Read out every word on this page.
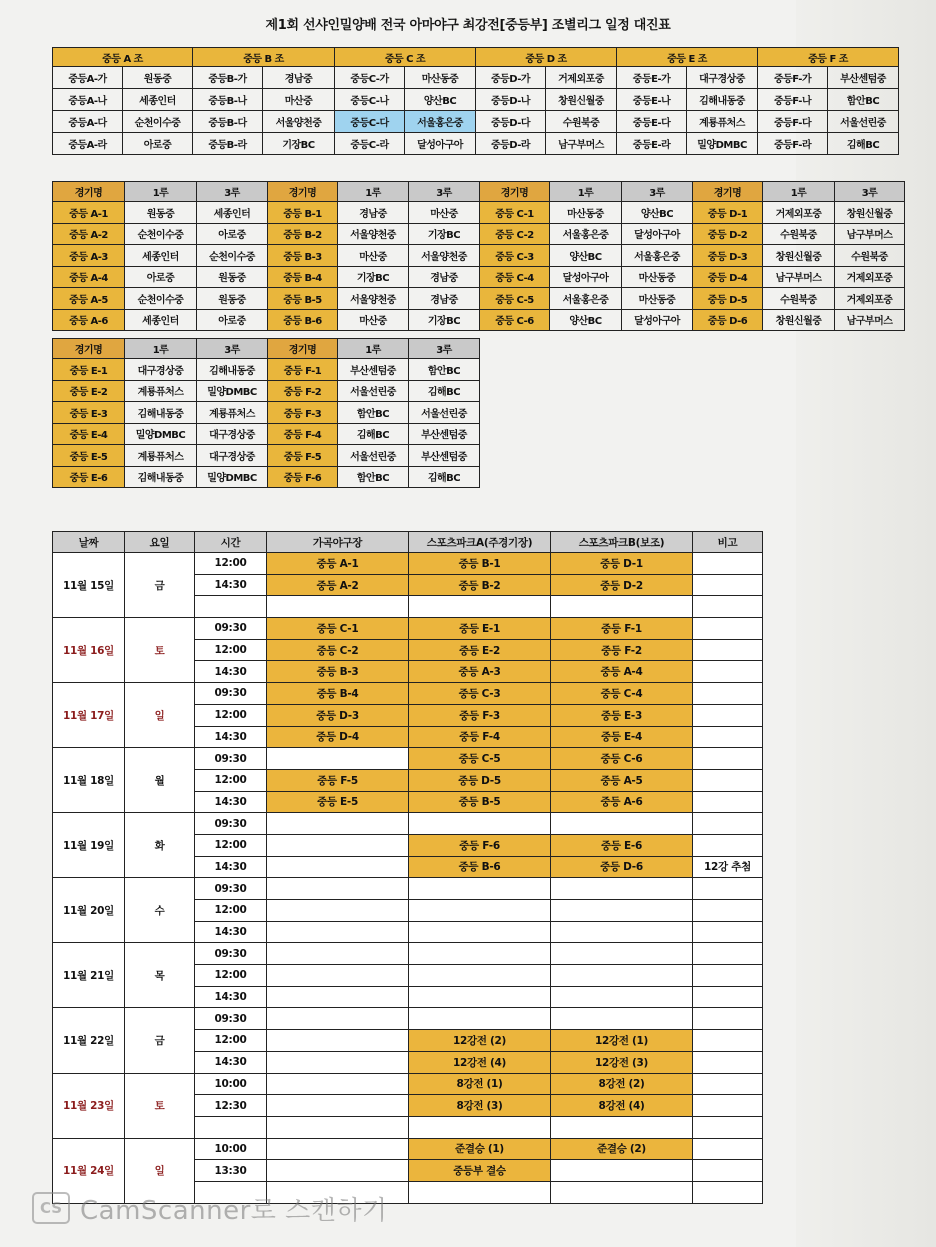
제1회 선샤인밀양배 전국 아마야구 최강전[중등부] 조별리그 일정 대진표
중등 A 조		중등 B 조		중등 C 조		중등 D 조		중등 E 조		중등 F 조	
중등A-가	원동중	중등B-가	경남중	중등C-가	마산동중	중등D-가	거제외포중	중등E-가	대구경상중	중등F-가	부산센텀중
중등A-나	세종인터	중등B-나	마산중	중등C-나	양산BC	중등D-나	창원신월중	중등E-나	김해내동중	중등F-나	함안BC
중등A-다	순천이수중	중등B-다	서울양천중	중등C-다	서울홍은중	중등D-다	수원북중	중등E-다	계룡퓨처스	중등F-다	서울선린중
중등A-라	아로중	중등B-라	기장BC	중등C-라	달성아구아	중등D-라	남구부머스	중등E-라	밀양DMBC	중등F-라	김해BC
경기명	1루	3루	경기명	1루	3루	경기명	1루	3루	경기명	1루	3루
중등 A-1	원동중	세종인터	중등 B-1	경남중	마산중	중등 C-1	마산동중	양산BC	중등 D-1	거제외포중	창원신월중
중등 A-2	순천이수중	아로중	중등 B-2	서울양천중	기장BC	중등 C-2	서울홍은중	달성아구아	중등 D-2	수원북중	남구부머스
중등 A-3	세종인터	순천이수중	중등 B-3	마산중	서울양천중	중등 C-3	양산BC	서울홍은중	중등 D-3	창원신월중	수원북중
중등 A-4	아로중	원동중	중등 B-4	기장BC	경남중	중등 C-4	달성아구아	마산동중	중등 D-4	남구부머스	거제외포중
중등 A-5	순천이수중	원동중	중등 B-5	서울양천중	경남중	중등 C-5	서울홍은중	마산동중	중등 D-5	수원북중	거제외포중
중등 A-6	세종인터	아로중	중등 B-6	마산중	기장BC	중등 C-6	양산BC	달성아구아	중등 D-6	창원신월중	남구부머스
경기명	1루	3루	경기명	1루	3루
중등 E-1	대구경상중	김해내동중	중등 F-1	부산센텀중	함안BC
중등 E-2	계룡퓨처스	밀양DMBC	중등 F-2	서울선린중	김해BC
중등 E-3	김해내동중	계룡퓨처스	중등 F-3	함안BC	서울선린중
중등 E-4	밀양DMBC	대구경상중	중등 F-4	김해BC	부산센텀중
중등 E-5	계룡퓨처스	대구경상중	중등 F-5	서울선린중	부산센텀중
중등 E-6	김해내동중	밀양DMBC	중등 F-6	함안BC	김해BC
날짜	요일	시간	가곡야구장	스포츠파크A(주경기장)	스포츠파크B(보조)	비고
11월 15일	금	12:00	중등 A-1	중등 B-1	중등 D-1	
		14:30	중등 A-2	중등 B-2	중등 D-2	

11월 16일	토	09:30	중등 C-1	중등 E-1	중등 F-1	
		12:00	중등 C-2	중등 E-2	중등 F-2	
		14:30	중등 B-3	중등 A-3	중등 A-4	
11월 17일	일	09:30	중등 B-4	중등 C-3	중등 C-4	
		12:00	중등 D-3	중등 F-3	중등 E-3	
		14:30	중등 D-4	중등 F-4	중등 E-4	
11월 18일	월	09:30		중등 C-5	중등 C-6	
		12:00	중등 F-5	중등 D-5	중등 A-5	
		14:30	중등 E-5	중등 B-5	중등 A-6	
11월 19일	화	09:30				
		12:00		중등 F-6	중등 E-6	
		14:30		중등 B-6	중등 D-6	12강 추첨
11월 20일	수	09:30				
		12:00				
		14:30				
11월 21일	목	09:30				
		12:00				
		14:30				
11월 22일	금	09:30				
		12:00		12강전 (2)	12강전 (1)	
		14:30		12강전 (4)	12강전 (3)	
11월 23일	토	10:00		8강전 (1)	8강전 (2)	
		12:30		8강전 (3)	8강전 (4)	

11월 24일	일	10:00		준결승 (1)	준결승 (2)	
		13:30		중등부 결승		

CS CamScanner로 스캔하기
